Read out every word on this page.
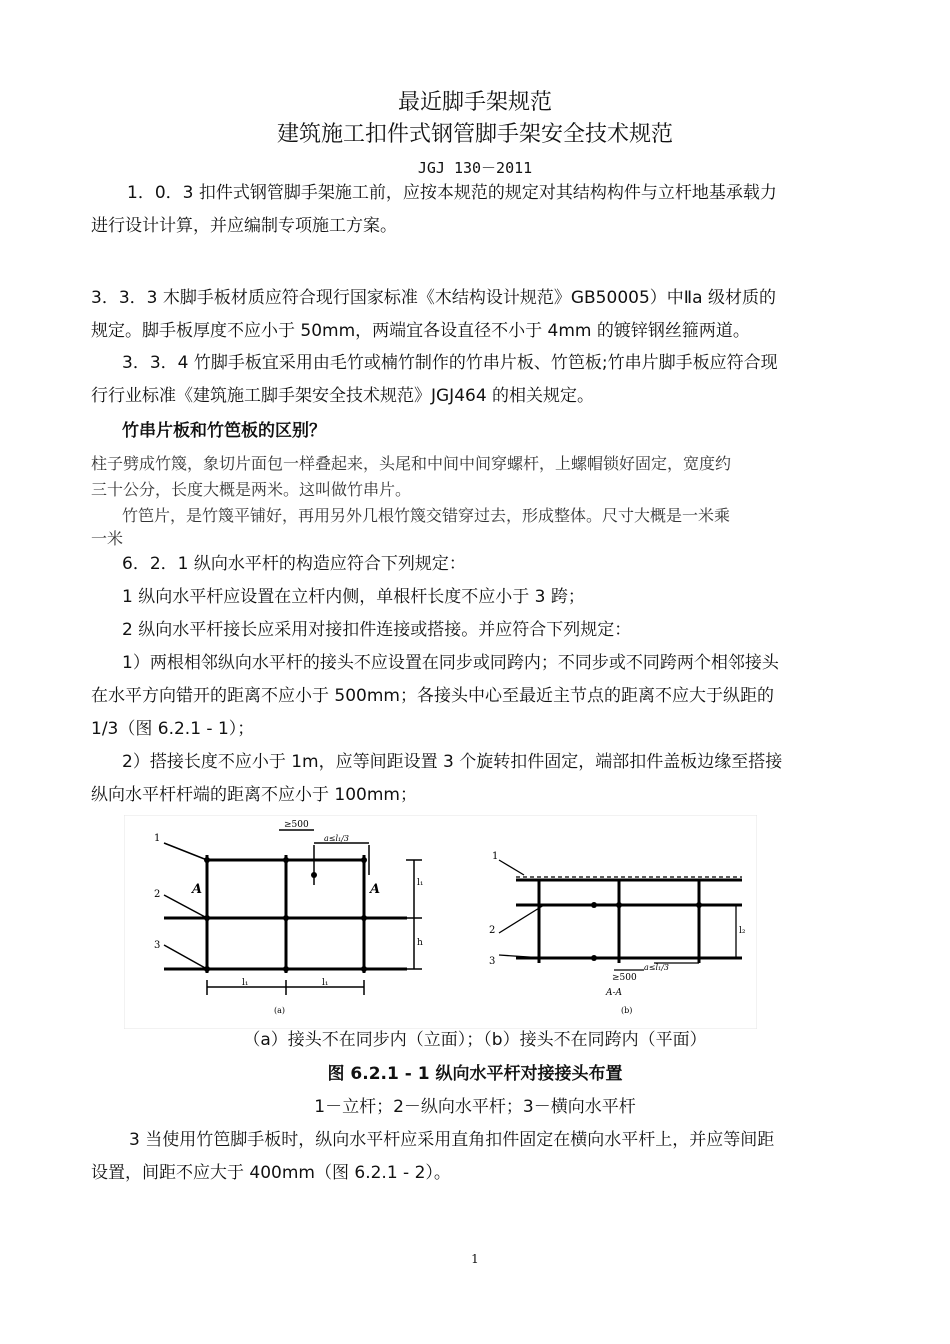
最近脚手架规范
建筑施工扣件式钢管脚手架安全技术规范
JGJ 130－2011
1．0．3 扣件式钢管脚手架施工前，应按本规范的规定对其结构构件与立杆地基承载力
进行设计计算，并应编制专项施工方案。
3．3．3 木脚手板材质应符合现行国家标准《木结构设计规范》GB50005）中Ⅱa 级材质的
规定。脚手板厚度不应小于 50mm，两端宜各设直径不小于 4mm 的镀锌钢丝箍两道。
3．3．4 竹脚手板宜采用由毛竹或楠竹制作的竹串片板、竹笆板;竹串片脚手板应符合现
行行业标准《建筑施工脚手架安全技术规范》JGJ464 的相关规定。
竹串片板和竹笆板的区别？
柱子劈成竹篾，象切片面包一样叠起来，头尾和中间中间穿螺杆，上螺帽锁好固定，宽度约
三十公分，长度大概是两米。这叫做竹串片。
竹笆片，是竹篾平铺好，再用另外几根竹篾交错穿过去，形成整体。尺寸大概是一米乘
一米
6．2．1 纵向水平杆的构造应符合下列规定：
1 纵向水平杆应设置在立杆内侧，单根杆长度不应小于 3 跨；
2 纵向水平杆接长应采用对接扣件连接或搭接。并应符合下列规定：
1）两根相邻纵向水平杆的接头不应设置在同步或同跨内；不同步或不同跨两个相邻接头
在水平方向错开的距离不应小于 500mm；各接头中心至最近主节点的距离不应大于纵距的
1/3（图 6.2.1 - 1）；
2）搭接长度不应小于 1m，应等间距设置 3 个旋转扣件固定，端部扣件盖板边缘至搭接
纵向水平杆杆端的距离不应小于 100mm；
1
2
3
≥500
a≤l₁/3
A	A	l₁
h
l₁	l₁
(a)
1
2
3
≥500
a≤l₁/3
l₂
A-A
(b)
（a）接头不在同步内（立面）；（b）接头不在同跨内（平面）
图 6.2.1 - 1 纵向水平杆对接接头布置
1－立杆；2－纵向水平杆；3－横向水平杆
3 当使用竹笆脚手板时，纵向水平杆应采用直角扣件固定在横向水平杆上，并应等间距
设置，间距不应大于 400mm（图 6.2.1 - 2）。
1
